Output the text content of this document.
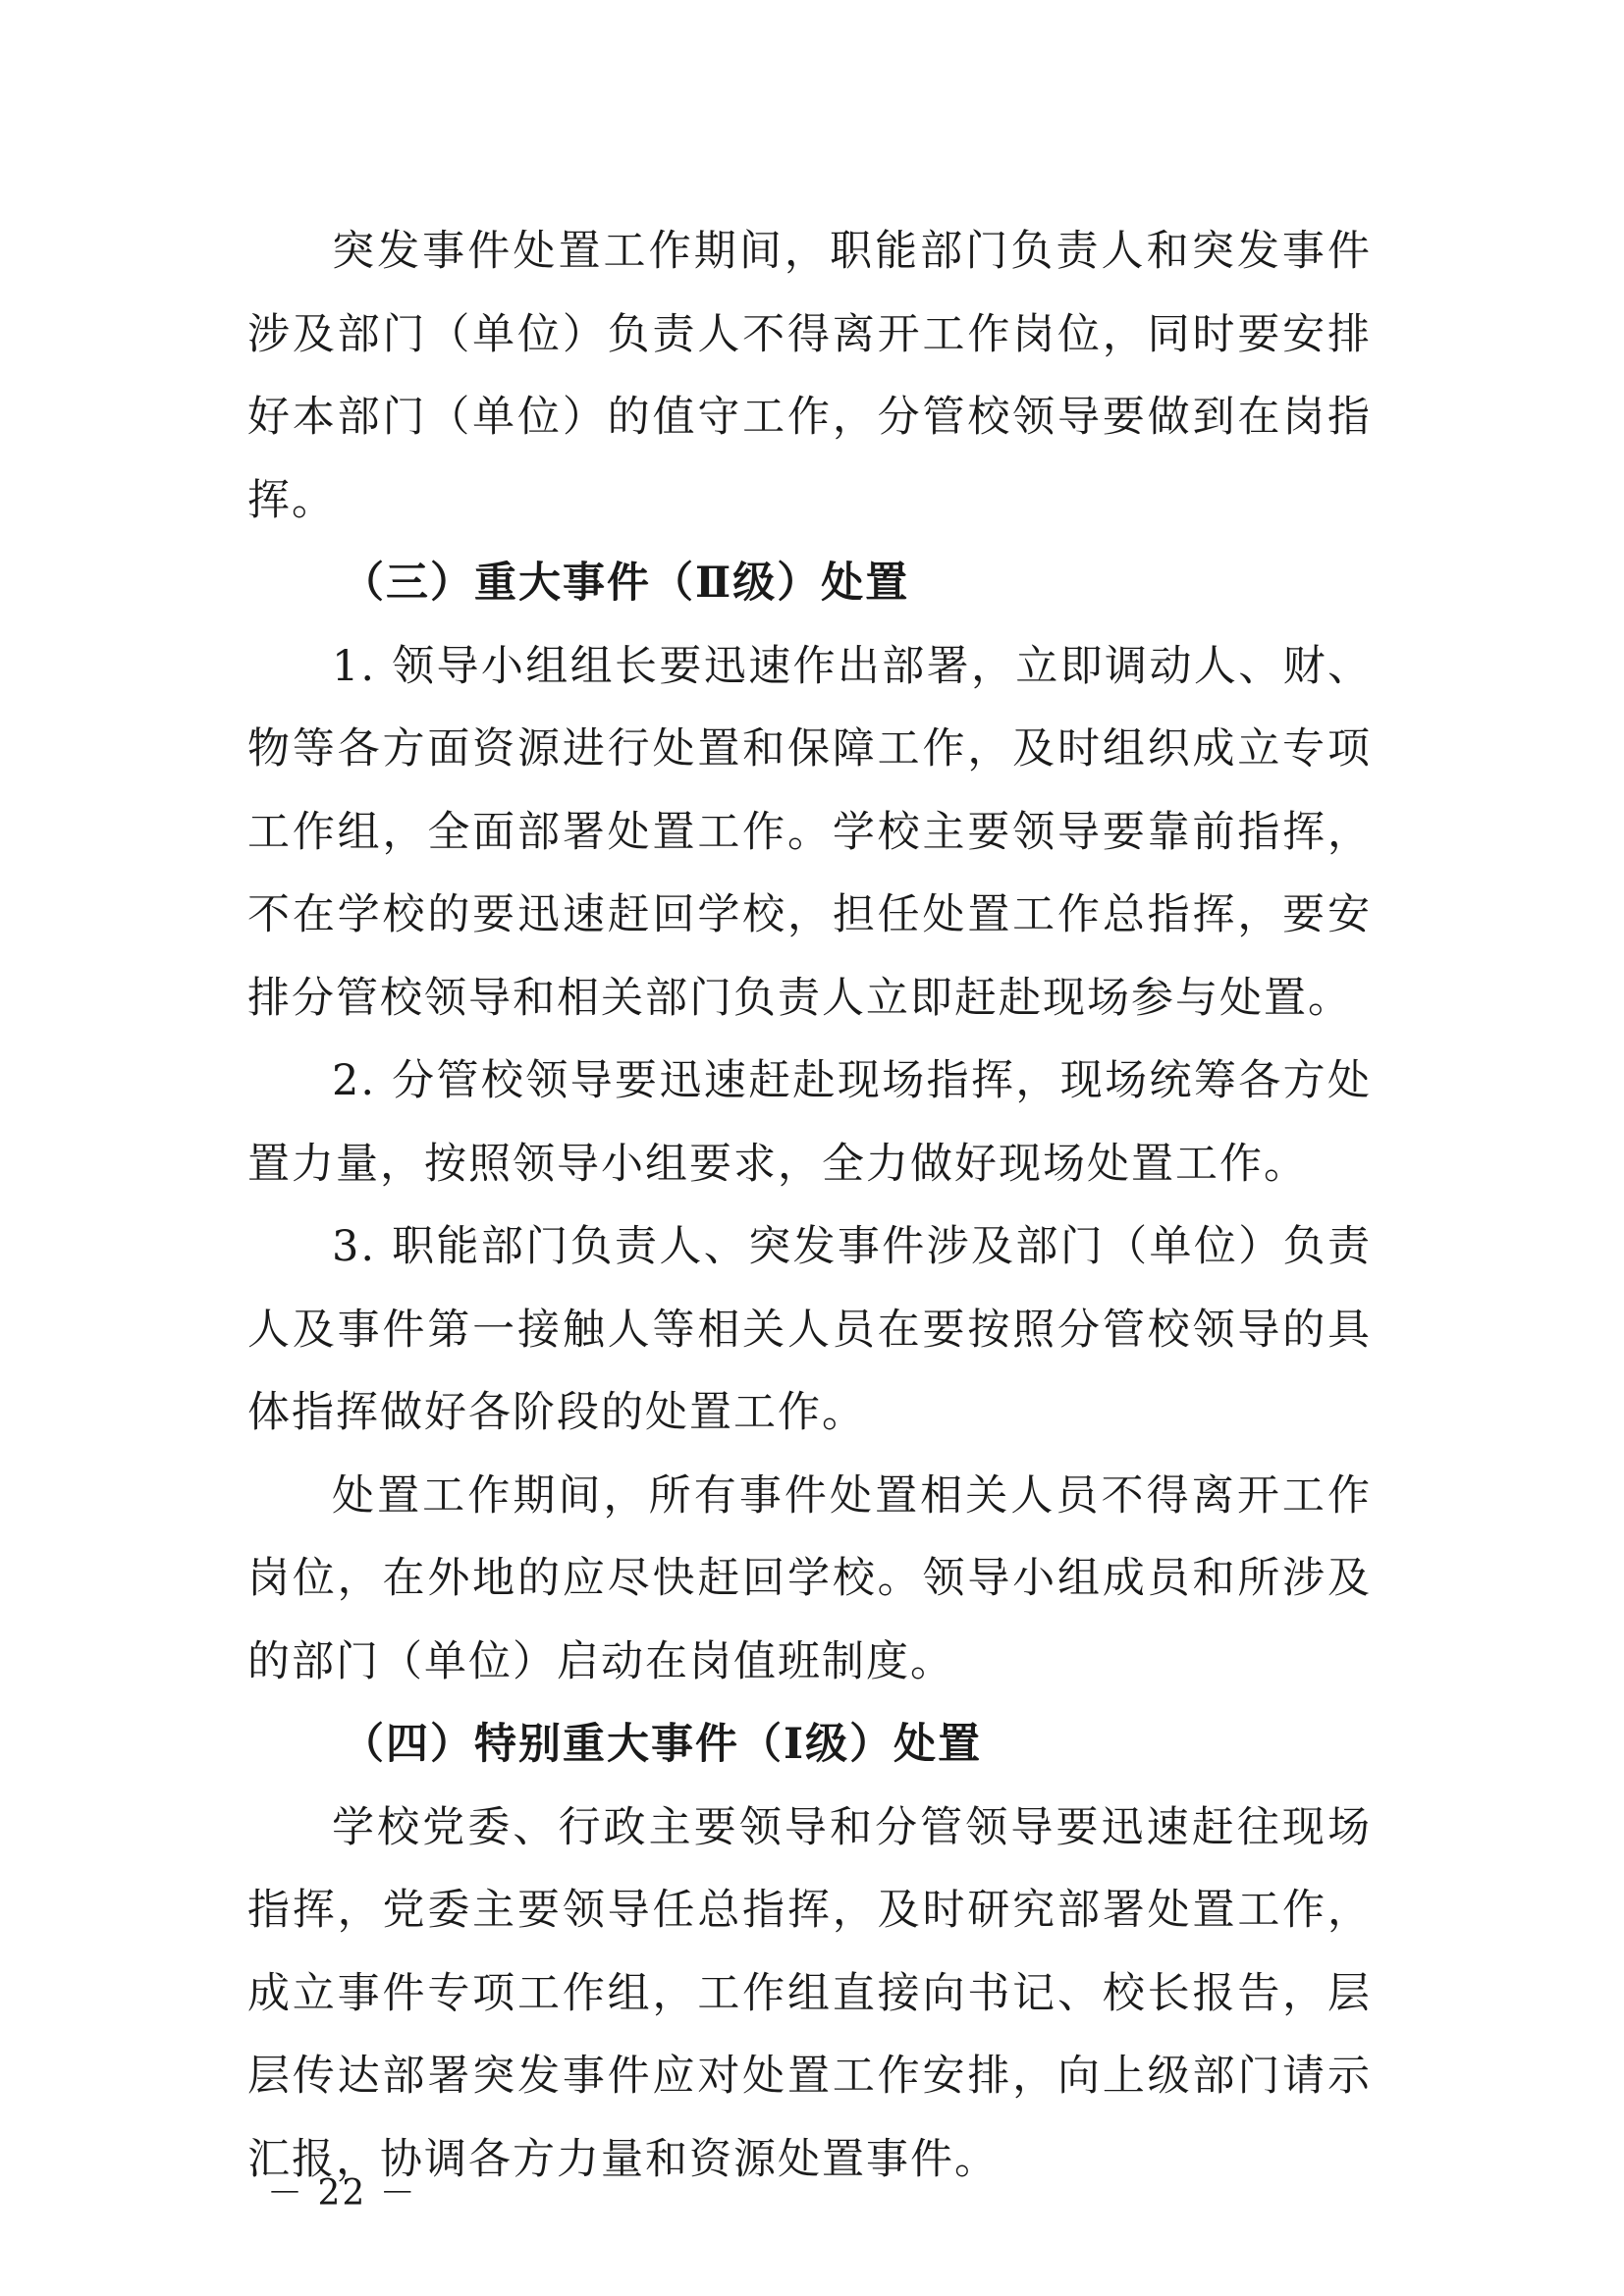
突发事件处置工作期间，职能部门负责人和突发事件涉及部门（单位）负责人不得离开工作岗位，同时要安排好本部门（单位）的值守工作，分管校领导要做到在岗指挥。

（三）重大事件（Ⅱ级）处置

1. 领导小组组长要迅速作出部署，立即调动人、财、物等各方面资源进行处置和保障工作，及时组织成立专项工作组，全面部署处置工作。学校主要领导要靠前指挥，不在学校的要迅速赶回学校，担任处置工作总指挥，要安排分管校领导和相关部门负责人立即赶赴现场参与处置。

2. 分管校领导要迅速赶赴现场指挥，现场统筹各方处置力量，按照领导小组要求，全力做好现场处置工作。

3. 职能部门负责人、突发事件涉及部门（单位）负责人及事件第一接触人等相关人员在要按照分管校领导的具体指挥做好各阶段的处置工作。

处置工作期间，所有事件处置相关人员不得离开工作岗位，在外地的应尽快赶回学校。领导小组成员和所涉及的部门（单位）启动在岗值班制度。

（四）特别重大事件（Ⅰ级）处置

学校党委、行政主要领导和分管领导要迅速赶往现场指挥，党委主要领导任总指挥，及时研究部署处置工作，成立事件专项工作组，工作组直接向书记、校长报告，层层传达部署突发事件应对处置工作安排，向上级部门请示汇报，协调各方力量和资源处置事件。

－ 22 －
